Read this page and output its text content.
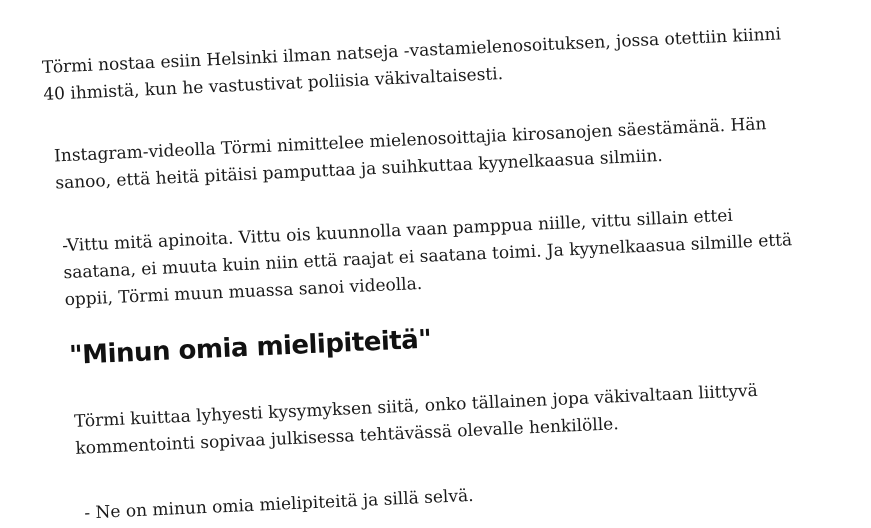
Törmi nostaa esiin Helsinki ilman natseja -vastamielenosoituksen, jossa otettiin kiinni 40 ihmistä, kun he vastustivat poliisia väkivaltaisesti.

Instagram-videolla Törmi nimittelee mielenosoittajia kirosanojen säestämänä. Hän sanoo, että heitä pitäisi pamputtaa ja suihkuttaa kyynelkaasua silmiin.

-Vittu mitä apinoita. Vittu ois kuunnolla vaan pamppua niille, vittu sillain ettei saatana, ei muuta kuin niin että raajat ei saatana toimi. Ja kyynelkaasua silmille että oppii, Törmi muun muassa sanoi videolla.

"Minun omia mielipiteitä"

Törmi kuittaa lyhyesti kysymyksen siitä, onko tällainen jopa väkivaltaan liittyvä kommentointi sopivaa julkisessa tehtävässä olevalle henkilölle.

- Ne on minun omia mielipiteitä ja sillä selvä.
